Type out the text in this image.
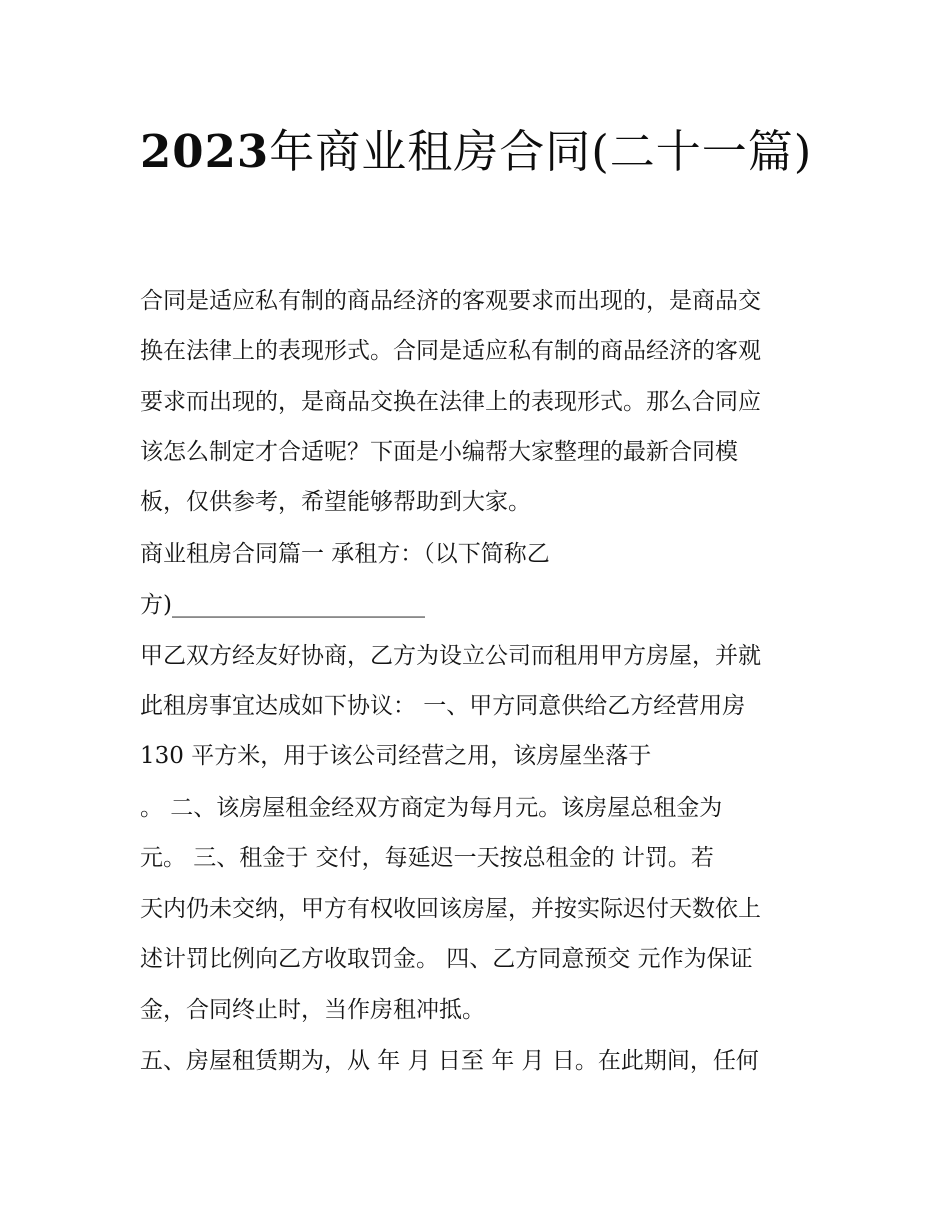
2023年商业租房合同(二十一篇)

合同是适应私有制的商品经济的客观要求而出现的，是商品交

换在法律上的表现形式。合同是适应私有制的商品经济的客观

要求而出现的，是商品交换在法律上的表现形式。那么合同应

该怎么制定才合适呢？下面是小编帮大家整理的最新合同模

板，仅供参考，希望能够帮助到大家。

商业租房合同篇一 承租方：（以下简称乙

方)______________________

甲乙双方经友好协商，乙方为设立公司而租用甲方房屋，并就

此租房事宜达成如下协议： 一、甲方同意供给乙方经营用房

130 平方米，用于该公司经营之用，该房屋坐落于

。 二、该房屋租金经双方商定为每月元。该房屋总租金为

元。 三、租金于 交付，每延迟一天按总租金的 计罚。若

天内仍未交纳，甲方有权收回该房屋，并按实际迟付天数依上

述计罚比例向乙方收取罚金。 四、乙方同意预交 元作为保证

金，合同终止时，当作房租冲抵。

五、房屋租赁期为，从 年 月 日至 年 月 日。在此期间，任何
